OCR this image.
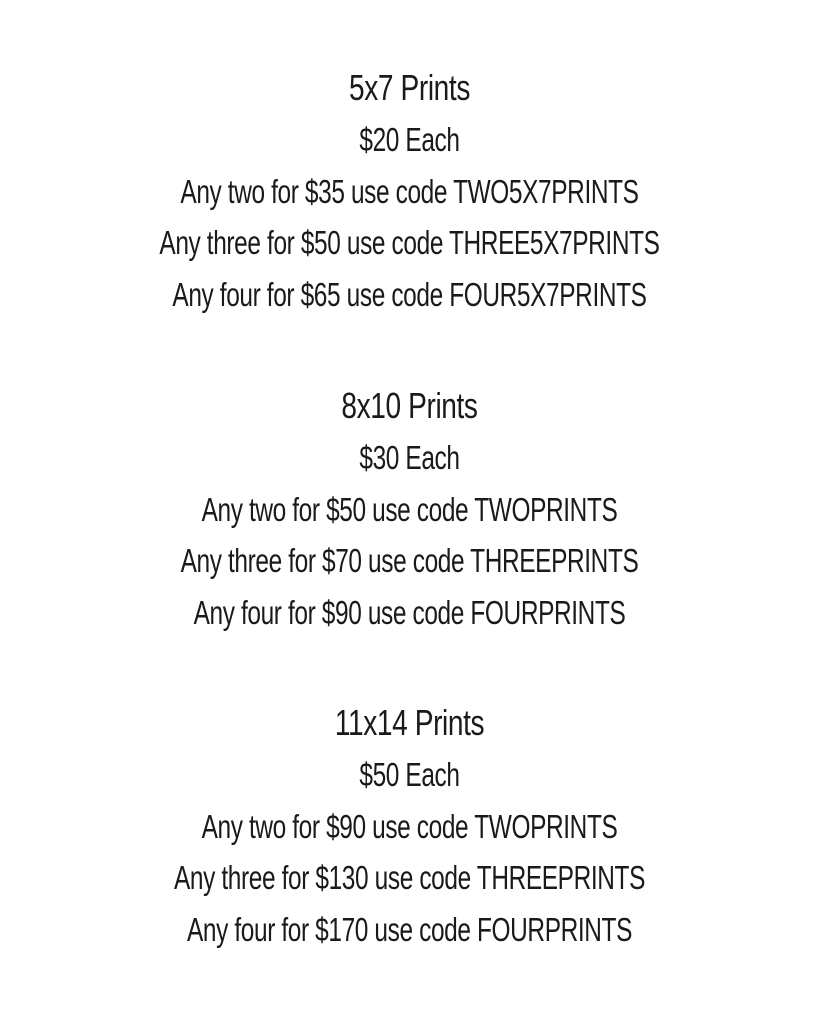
5x7 Prints
$20 Each
Any two for $35 use code TWO5X7PRINTS
Any three for $50 use code THREE5X7PRINTS
Any four for $65 use code FOUR5X7PRINTS
8x10 Prints
$30 Each
Any two for $50 use code TWOPRINTS
Any three for $70 use code THREEPRINTS
Any four for $90 use code FOURPRINTS
11x14 Prints
$50 Each
Any two for $90 use code TWOPRINTS
Any three for $130 use code THREEPRINTS
Any four for $170 use code FOURPRINTS
